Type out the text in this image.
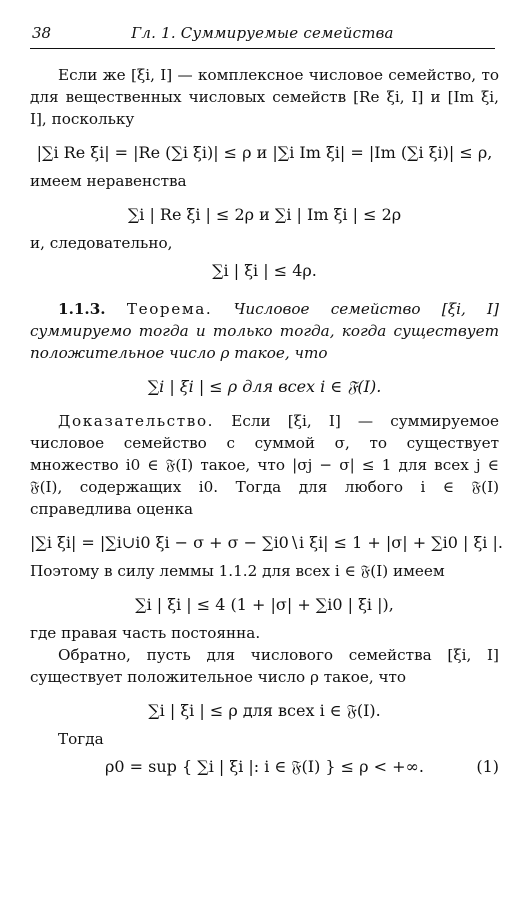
38	Гл. 1. Суммируемые семейства

Если же [ξi, I] — комплексное числовое семейство, то для вещественных числовых семейств [Re ξi, I] и [Im ξi, I], поскольку

|∑i Re ξi| = |Re (∑i ξi)| ≤ ρ и |∑i Im ξi| = |Im (∑i ξi)| ≤ ρ,

имеем неравенства

∑i | Re ξi | ≤ 2ρ и ∑i | Im ξi | ≤ 2ρ

и, следовательно,

∑i | ξi | ≤ 4ρ.

1.1.3. Теорема. Числовое семейство [ξi, I] суммируемо тогда и только тогда, когда существует положительное число ρ такое, что

∑i | ξi | ≤ ρ для всех i ∈ 𝔉(I).

Доказательство. Если [ξi, I] — суммируемое числовое семейство с суммой σ, то существует множество i0 ∈ 𝔉(I) такое, что |σj − σ| ≤ 1 для всех j ∈ 𝔉(I), содержащих i0. Тогда для любого i ∈ 𝔉(I) справедлива оценка

|∑i ξi| = |∑i∪i0 ξi − σ + σ − ∑i0∖i ξi| ≤ 1 + |σ| + ∑i0 | ξi |.

Поэтому в силу леммы 1.1.2 для всех i ∈ 𝔉(I) имеем

∑i | ξi | ≤ 4 (1 + |σ| + ∑i0 | ξi |),

где правая часть постоянна.

Обратно, пусть для числового семейства [ξi, I] существует положительное число ρ такое, что

∑i | ξi | ≤ ρ для всех i ∈ 𝔉(I).

Тогда

ρ0 = sup { ∑i | ξi |: i ∈ 𝔉(I) } ≤ ρ < +∞.	(1)
